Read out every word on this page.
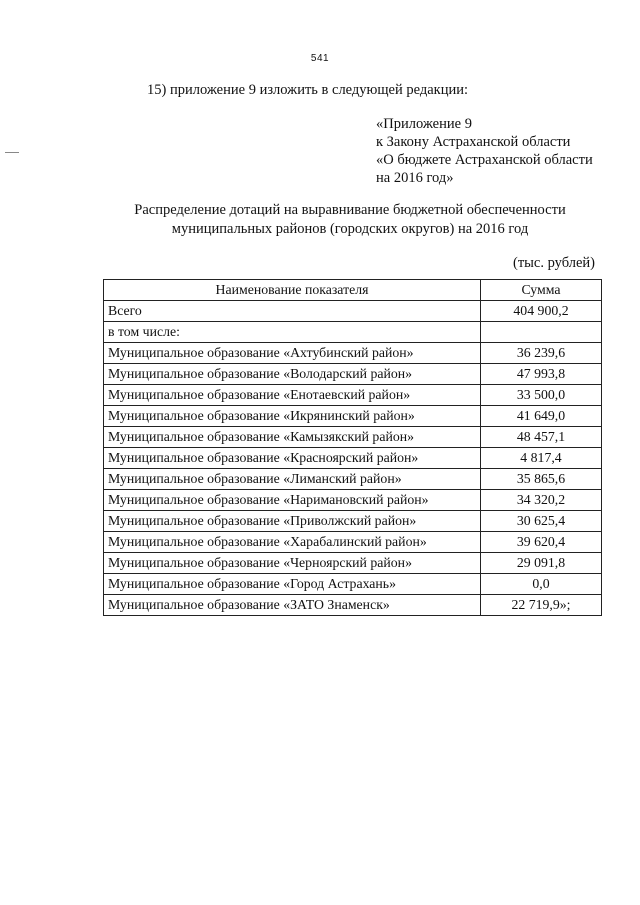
541
15) приложение 9 изложить в следующей редакции:
«Приложение 9
к Закону Астраханской области
«О бюджете Астраханской области
на 2016 год»
Распределение дотаций на выравнивание бюджетной обеспеченности
муниципальных районов (городских округов) на 2016 год
(тыс. рублей)
Наименование показателя	Сумма
Всего	404 900,2
в том числе:	
Муниципальное образование «Ахтубинский район»	36 239,6
Муниципальное образование «Володарский район»	47 993,8
Муниципальное образование «Енотаевский район»	33 500,0
Муниципальное образование «Икрянинский район»	41 649,0
Муниципальное образование «Камызякский район»	48 457,1
Муниципальное образование «Красноярский район»	4 817,4
Муниципальное образование «Лиманский район»	35 865,6
Муниципальное образование «Наримановский район»	34 320,2
Муниципальное образование «Приволжский район»	30 625,4
Муниципальное образование «Харабалинский район»	39 620,4
Муниципальное образование «Черноярский район»	29 091,8
Муниципальное образование «Город Астрахань»	0,0
Муниципальное образование «ЗАТО Знаменск»	22 719,9»;
